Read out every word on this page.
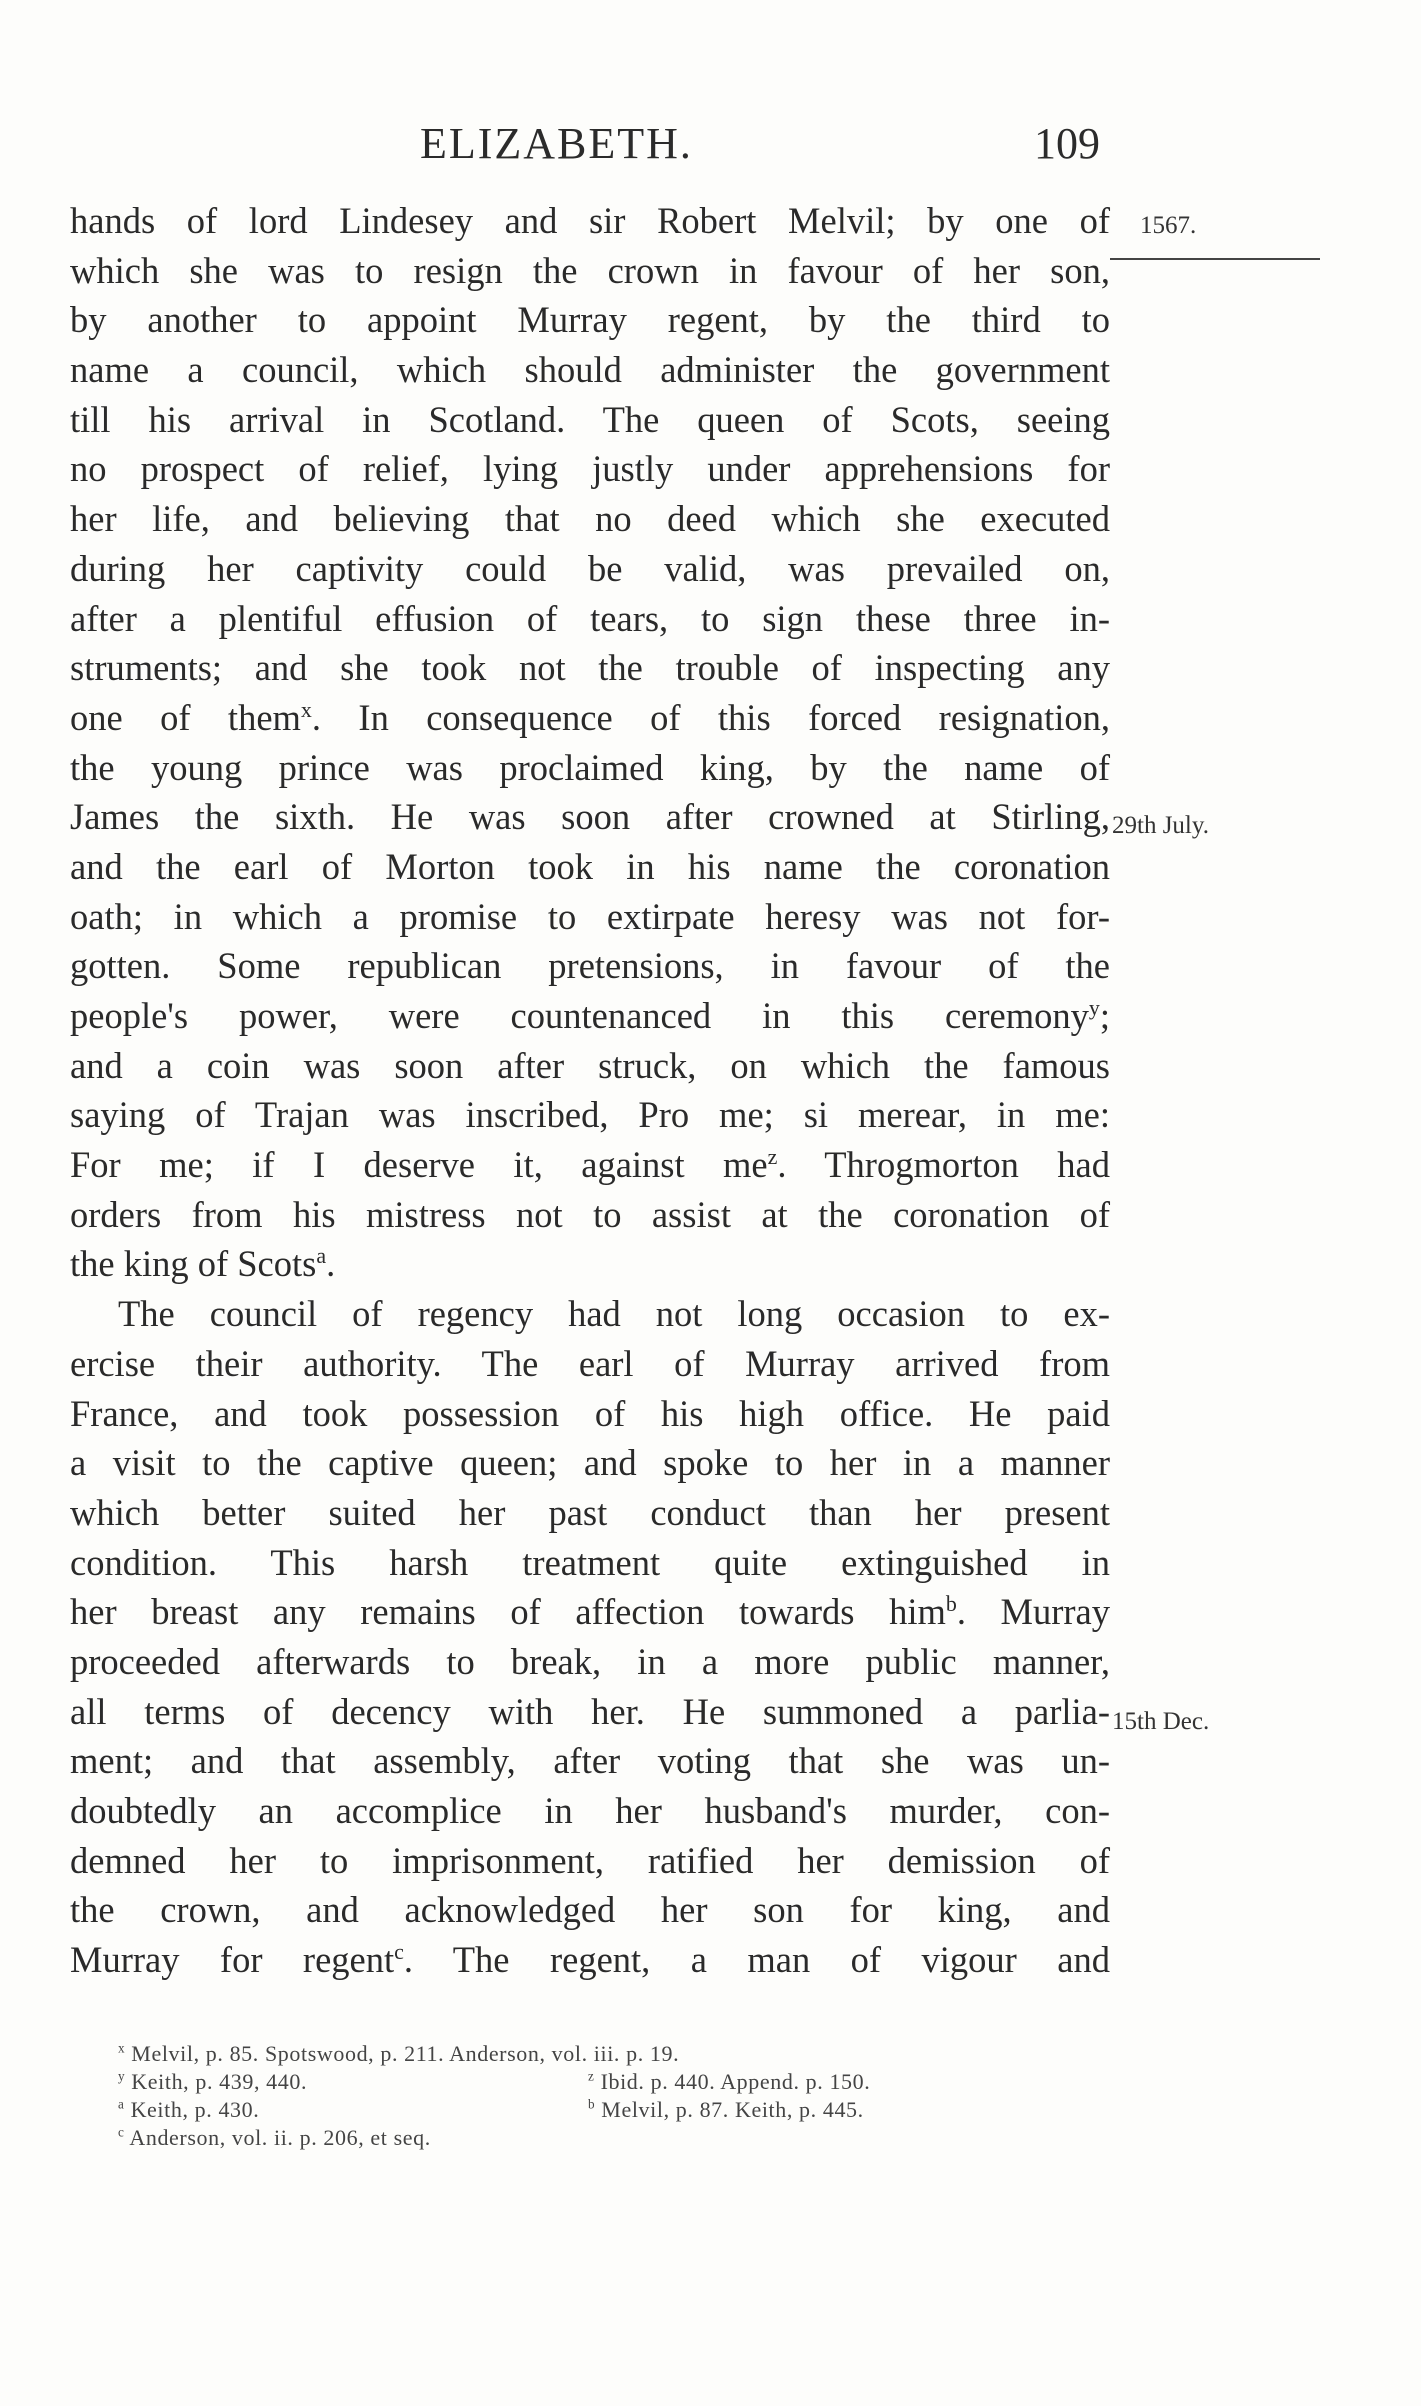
ELIZABETH.	109
1567.
29th July.
15th Dec.
hands of lord Lindesey and sir Robert Melvil; by one of
which she was to resign the crown in favour of her son,
by another to appoint Murray regent, by the third to
name a council, which should administer the government
till his arrival in Scotland. The queen of Scots, seeing
no prospect of relief, lying justly under apprehensions for
her life, and believing that no deed which she executed
during her captivity could be valid, was prevailed on,
after a plentiful effusion of tears, to sign these three in-
struments; and she took not the trouble of inspecting any
one of them$^x$. In consequence of this forced resignation,
the young prince was proclaimed king, by the name of
James the sixth. He was soon after crowned at Stirling,
and the earl of Morton took in his name the coronation
oath; in which a promise to extirpate heresy was not for-
gotten. Some republican pretensions, in favour of the
people's power, were countenanced in this ceremony$^y$;
and a coin was soon after struck, on which the famous
saying of Trajan was inscribed, Pro me; si merear, in me:
For me; if I deserve it, against $me^z$. Throgmorton had
orders from his mistress not to assist at the coronation of
the king of Scots$^a$.
The council of regency had not long occasion to ex-
ercise their authority. The earl of Murray arrived from
France, and took possession of his high office. He paid
a visit to the captive queen; and spoke to her in a manner
which better suited her past conduct than her present
condition. This harsh treatment quite extinguished in
her breast any remains of affection towards him$^b$. Murray
proceeded afterwards to break, in a more public manner,
all terms of decency with her. He summoned a parlia-
ment; and that assembly, after voting that she was un-
doubtedly an accomplice in her husband's murder, con-
demned her to imprisonment, ratified her demission of
the crown, and acknowledged her son for king, and
Murray for regent$^c$. The regent, a man of vigour and
$^x$ Melvil, p. 85. Spotswood, p. 211. Anderson, vol. iii. p. 19.
$^y$ Keith, p. 439, 440.	$^z$ Ibid. p. 440. Append. p. 150.
$^a$ Keith, p. 430.	$^b$ Melvil, p. 87. Keith, p. 445.
$^c$ Anderson, vol. ii. p. 206, et seq.
